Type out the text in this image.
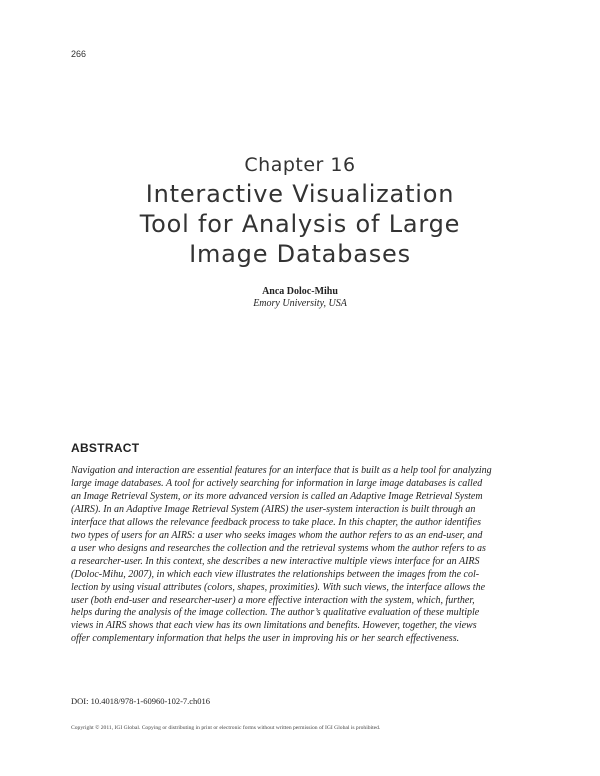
266
Chapter 16
Interactive Visualization
Tool for Analysis of Large
Image Databases
Anca Doloc-Mihu
Emory University, USA
ABSTRACT
Navigation and interaction are essential features for an interface that is built as a help tool for analyzing
large image databases. A tool for actively searching for information in large image databases is called
an Image Retrieval System, or its more advanced version is called an Adaptive Image Retrieval System
(AIRS). In an Adaptive Image Retrieval System (AIRS) the user-system interaction is built through an
interface that allows the relevance feedback process to take place. In this chapter, the author identifies
two types of users for an AIRS: a user who seeks images whom the author refers to as an end-user, and
a user who designs and researches the collection and the retrieval systems whom the author refers to as
a researcher-user. In this context, she describes a new interactive multiple views interface for an AIRS
(Doloc-Mihu, 2007), in which each view illustrates the relationships between the images from the col-
lection by using visual attributes (colors, shapes, proximities). With such views, the interface allows the
user (both end-user and researcher-user) a more effective interaction with the system, which, further,
helps during the analysis of the image collection. The author’s qualitative evaluation of these multiple
views in AIRS shows that each view has its own limitations and benefits. However, together, the views
offer complementary information that helps the user in improving his or her search effectiveness.
DOI: 10.4018/978-1-60960-102-7.ch016
Copyright © 2011, IGI Global. Copying or distributing in print or electronic forms without written permission of IGI Global is prohibited.
